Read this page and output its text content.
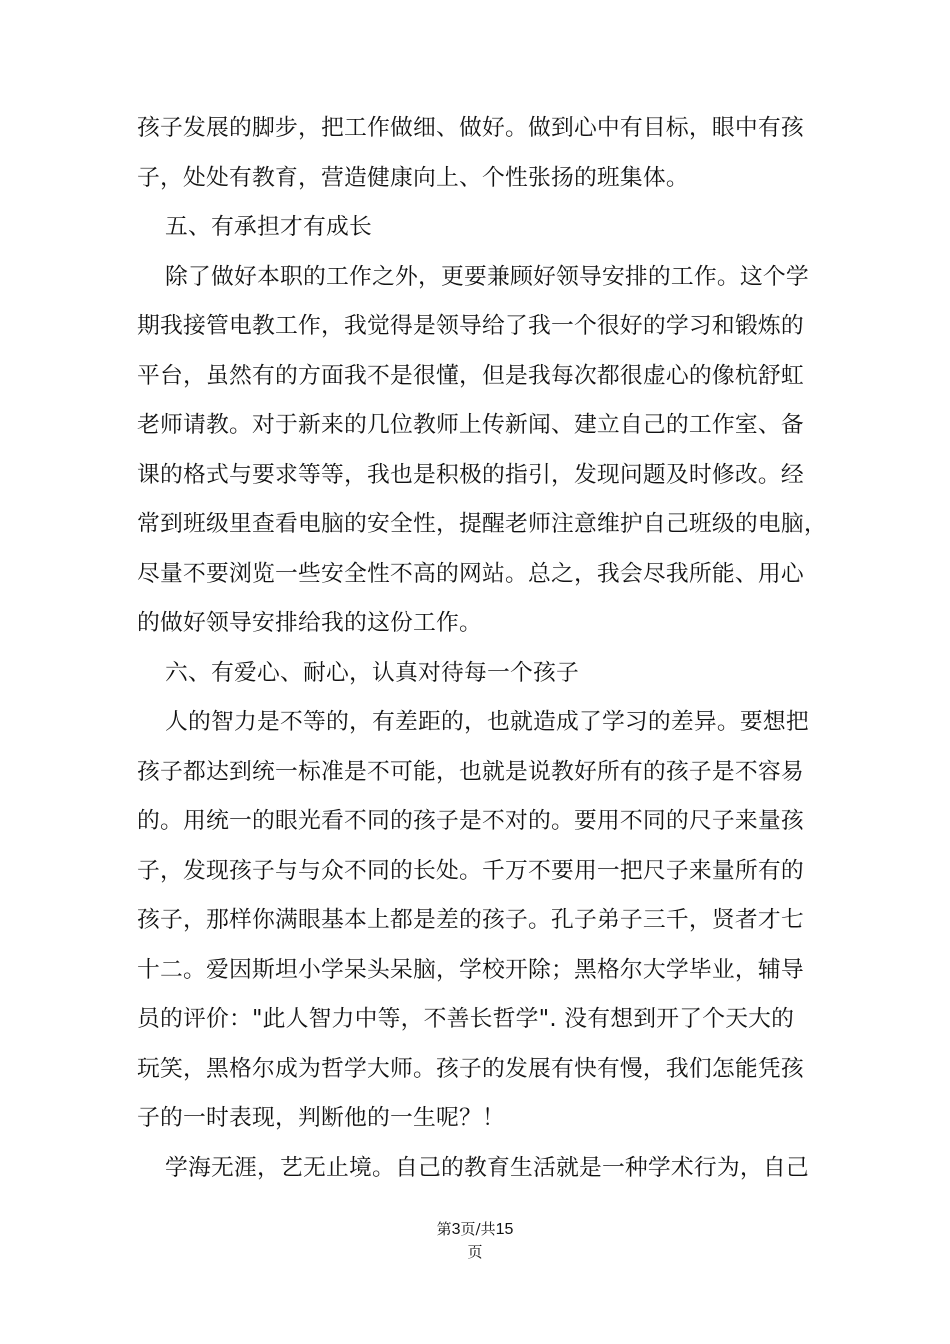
孩子发展的脚步，把工作做细、做好。做到心中有目标，眼中有孩
子，处处有教育，营造健康向上、个性张扬的班集体。
五、有承担才有成长
除了做好本职的工作之外，更要兼顾好领导安排的工作。这个学
期我接管电教工作，我觉得是领导给了我一个很好的学习和锻炼的
平台，虽然有的方面我不是很懂，但是我每次都很虚心的像杭舒虹
老师请教。对于新来的几位教师上传新闻、建立自己的工作室、备
课的格式与要求等等，我也是积极的指引，发现问题及时修改。经
常到班级里查看电脑的安全性，提醒老师注意维护自己班级的电脑，
尽量不要浏览一些安全性不高的网站。总之，我会尽我所能、用心
的做好领导安排给我的这份工作。
六、有爱心、耐心，认真对待每一个孩子
人的智力是不等的，有差距的，也就造成了学习的差异。要想把
孩子都达到统一标准是不可能，也就是说教好所有的孩子是不容易
的。用统一的眼光看不同的孩子是不对的。要用不同的尺子来量孩
子，发现孩子与与众不同的长处。千万不要用一把尺子来量所有的
孩子，那样你满眼基本上都是差的孩子。孔子弟子三千，贤者才七
十二。爱因斯坦小学呆头呆脑，学校开除；黑格尔大学毕业，辅导
员的评价："此人智力中等，不善长哲学". 没有想到开了个天大的
玩笑，黑格尔成为哲学大师。孩子的发展有快有慢，我们怎能凭孩
子的一时表现，判断他的一生呢？！
学海无涯，艺无止境。自己的教育生活就是一种学术行为，自己
第3页/共15
页
